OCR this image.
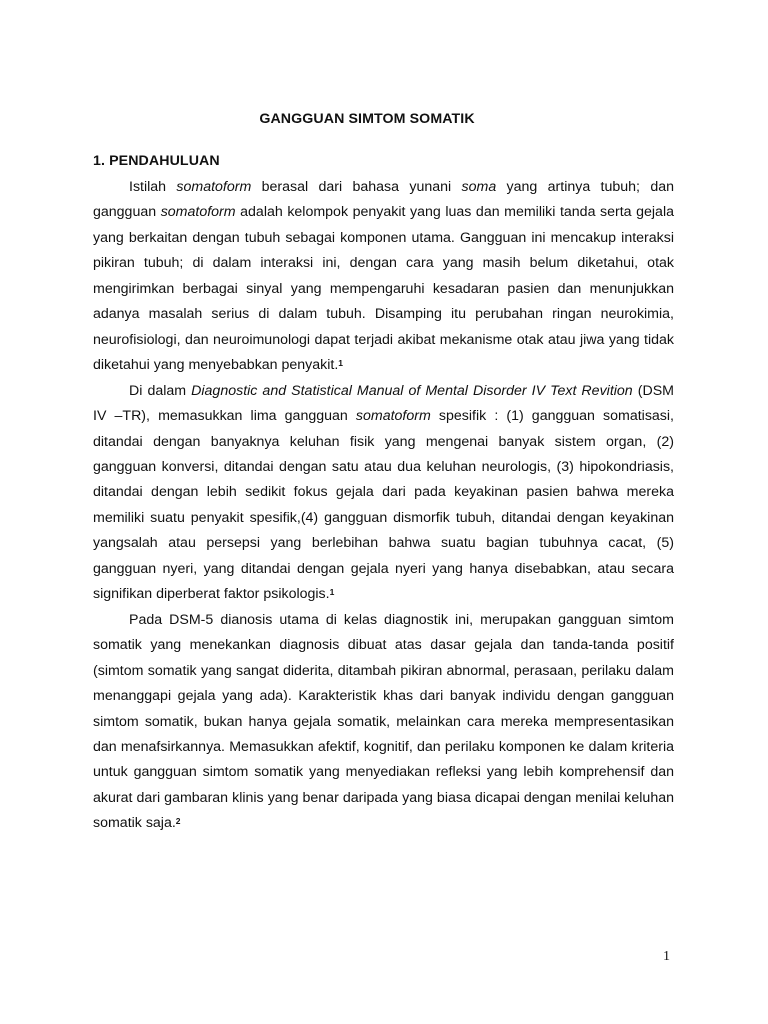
GANGGUAN SIMTOM SOMATIK
1. PENDAHULUAN

Istilah somatoform berasal dari bahasa yunani soma yang artinya tubuh; dan gangguan somatoform adalah kelompok penyakit yang luas dan memiliki tanda serta gejala yang berkaitan dengan tubuh sebagai komponen utama. Gangguan ini mencakup interaksi pikiran tubuh; di dalam interaksi ini, dengan cara yang masih belum diketahui, otak mengirimkan berbagai sinyal yang mempengaruhi kesadaran pasien dan menunjukkan adanya masalah serius di dalam tubuh. Disamping itu perubahan ringan neurokimia, neurofisiologi, dan neuroimunologi dapat terjadi akibat mekanisme otak atau jiwa yang tidak diketahui yang menyebabkan penyakit.$^1$

Di dalam Diagnostic and Statistical Manual of Mental Disorder IV Text Revition (DSM IV –TR), memasukkan lima gangguan somatoform spesifik : (1) gangguan somatisasi, ditandai dengan banyaknya keluhan fisik yang mengenai banyak sistem organ, (2) gangguan konversi, ditandai dengan satu atau dua keluhan neurologis, (3) hipokondriasis, ditandai dengan lebih sedikit fokus gejala dari pada keyakinan pasien bahwa mereka memiliki suatu penyakit spesifik,(4) gangguan dismorfik tubuh, ditandai dengan keyakinan yangsalah atau persepsi yang berlebihan bahwa suatu bagian tubuhnya cacat, (5) gangguan nyeri, yang ditandai dengan gejala nyeri yang hanya disebabkan, atau secara signifikan diperberat faktor psikologis.$^1$

Pada DSM-5 dianosis utama di kelas diagnostik ini, merupakan gangguan simtom somatik yang menekankan diagnosis dibuat atas dasar gejala dan tanda-tanda positif (simtom somatik yang sangat diderita, ditambah pikiran abnormal, perasaan, perilaku dalam menanggapi gejala yang ada). Karakteristik khas dari banyak individu dengan gangguan simtom somatik, bukan hanya gejala somatik, melainkan cara mereka mempresentasikan dan menafsirkannya. Memasukkan afektif, kognitif, dan perilaku komponen ke dalam kriteria untuk gangguan simtom somatik yang menyediakan refleksi yang lebih komprehensif dan akurat dari gambaran klinis yang benar daripada yang biasa dicapai dengan menilai keluhan somatik saja.$^2$

1
